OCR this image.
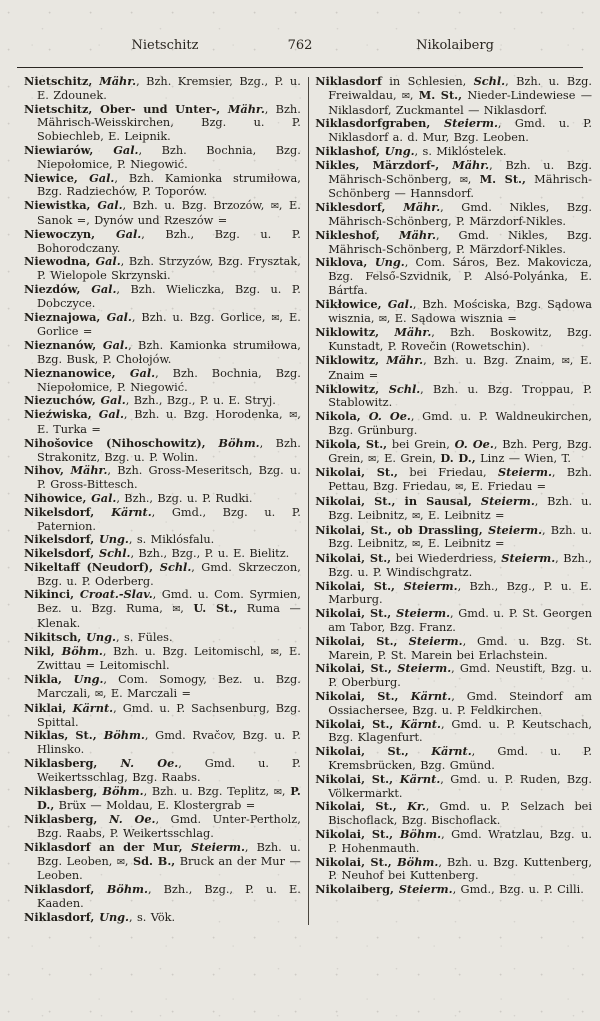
Nietschitz	762	Nikolaiberg

Nietschitz, Mähr., Bzh. Kremsier, Bzg., P. u. E. Zdounek.

Nietschitz, Ober- und Unter-, Mähr., Bzh. Mährisch-Weisskirchen, Bzg. u. P. Sobiechleb, E. Leipnik.

Niewiarów, Gal., Bzh. Bochnia, Bzg. Niepołomice, P. Niegowić.

Niewice, Gal., Bzh. Kamionka strumiłowa, Bzg. Radziechów, P. Toporów.

Niewistka, Gal., Bzh. u. Bzg. Brzozów, ✉, E. Sanok =, Dynów und Rzeszów =

Niewoczyn, Gal., Bzh., Bzg. u. P. Bohorodczany.

Niewodna, Gal., Bzh. Strzyzów, Bzg. Frysztak, P. Wielopole Skrzynski.

Niezdów, Gal., Bzh. Wieliczka, Bzg. u. P. Dobczyce.

Nieznajowa, Gal., Bzh. u. Bzg. Gorlice, ✉, E. Gorlice =

Nieznanów, Gal., Bzh. Kamionka strumiłowa, Bzg. Busk, P. Chołojów.

Nieznanowice, Gal., Bzh. Bochnia, Bzg. Niepołomice, P. Niegowić.

Niezuchów, Gal., Bzh., Bzg., P. u. E. Stryj.

Nieźwiska, Gal., Bzh. u. Bzg. Horodenka, ✉, E. Turka =

Nihošovice (Nihoschowitz), Böhm., Bzh. Strakonitz, Bzg. u. P. Wolin.

Nihov, Mähr., Bzh. Gross-Meseritsch, Bzg. u. P. Gross-Bittesch.

Nihowice, Gal., Bzh., Bzg. u. P. Rudki.

Nikelsdorf, Kärnt., Gmd., Bzg. u. P. Paternion.

Nikelsdorf, Ung., s. Miklósfalu.

Nikelsdorf, Schl., Bzh., Bzg., P. u. E. Bielitz.

Nikeltaff (Neudorf), Schl., Gmd. Skrzeczon, Bzg. u. P. Oderberg.

Nikinci, Croat.-Slav., Gmd. u. Com. Syrmien, Bez. u. Bzg. Ruma, ✉, U. St., Ruma — Klenak.

Nikitsch, Ung., s. Füles.

Nikl, Böhm., Bzh. u. Bzg. Leitomischl, ✉, E. Zwittau = Leitomischl.

Nikla, Ung., Com. Somogy, Bez. u. Bzg. Marczali, ✉, E. Marczali =

Niklai, Kärnt., Gmd. u. P. Sachsenburg, Bzg. Spittal.

Niklas, St., Böhm., Gmd. Rvačov, Bzg. u. P. Hlinsko.

Niklasberg, N. Oe., Gmd. u. P. Weikertsschlag, Bzg. Raabs.

Niklasberg, Böhm., Bzh. u. Bzg. Teplitz, ✉, P. D., Brüx — Moldau, E. Klostergrab =

Niklasberg, N. Oe., Gmd. Unter-Pertholz, Bzg. Raabs, P. Weikertsschlag.

Niklasdorf an der Mur, Steierm., Bzh. u. Bzg. Leoben, ✉, Sd. B., Bruck an der Mur — Leoben.

Niklasdorf, Böhm., Bzh., Bzg., P. u. E. Kaaden.

Niklasdorf, Ung., s. Vök.

Niklasdorf in Schlesien, Schl., Bzh. u. Bzg. Freiwaldau, ✉, M. St., Nieder-Lindewiese — Niklasdorf, Zuckmantel — Niklasdorf.

Niklasdorfgraben, Steierm., Gmd. u. P. Niklasdorf a. d. Mur, Bzg. Leoben.

Niklashof, Ung., s. Miklóstelek.

Nikles, Märzdorf-, Mähr., Bzh. u. Bzg. Mährisch-Schönberg, ✉, M. St., Mährisch-Schönberg — Hannsdorf.

Niklesdorf, Mähr., Gmd. Nikles, Bzg. Mährisch-Schönberg, P. Märzdorf-Nikles.

Nikleshof, Mähr., Gmd. Nikles, Bzg. Mährisch-Schönberg, P. Märzdorf-Nikles.

Niklova, Ung., Com. Sáros, Bez. Makovicza, Bzg. Felső-Szvidnik, P. Alsó-Polyánka, E. Bártfa.

Nikłowice, Gal., Bzh. Mościska, Bzg. Sądowa wisznia, ✉, E. Sądowa wisznia =

Niklowitz, Mähr., Bzh. Boskowitz, Bzg. Kunstadt, P. Rovečin (Rowetschin).

Niklowitz, Mähr., Bzh. u. Bzg. Znaim, ✉, E. Znaim =

Niklowitz, Schl., Bzh. u. Bzg. Troppau, P. Stablowitz.

Nikola, O. Oe., Gmd. u. P. Waldneukirchen, Bzg. Grünburg.

Nikola, St., bei Grein, O. Oe., Bzh. Perg, Bzg. Grein, ✉, E. Grein, D. D., Linz — Wien, T.

Nikolai, St., bei Friedau, Steierm., Bzh. Pettau, Bzg. Friedau, ✉, E. Friedau =

Nikolai, St., in Sausal, Steierm., Bzh. u. Bzg. Leibnitz, ✉, E. Leibnitz =

Nikolai, St., ob Drassling, Steierm., Bzh. u. Bzg. Leibnitz, ✉, E. Leibnitz =

Nikolai, St., bei Wiederdriess, Steierm., Bzh., Bzg. u. P. Windischgratz.

Nikolai, St., Steierm., Bzh., Bzg., P. u. E. Marburg.

Nikolai, St., Steierm., Gmd. u. P. St. Georgen am Tabor, Bzg. Franz.

Nikolai, St., Steierm., Gmd. u. Bzg. St. Marein, P. St. Marein bei Erlachstein.

Nikolai, St., Steierm., Gmd. Neustift, Bzg. u. P. Oberburg.

Nikolai, St., Kärnt., Gmd. Steindorf am Ossiachersee, Bzg. u. P. Feldkirchen.

Nikolai, St., Kärnt., Gmd. u. P. Keutschach, Bzg. Klagenfurt.

Nikolai, St., Kärnt., Gmd. u. P. Kremsbrücken, Bzg. Gmünd.

Nikolai, St., Kärnt., Gmd. u. P. Ruden, Bzg. Völkermarkt.

Nikolai, St., Kr., Gmd. u. P. Selzach bei Bischoflack, Bzg. Bischoflack.

Nikolai, St., Böhm., Gmd. Wratzlau, Bzg. u. P. Hohenmauth.

Nikolai, St., Böhm., Bzh. u. Bzg. Kuttenberg, P. Neuhof bei Kuttenberg.

Nikolaiberg, Steierm., Gmd., Bzg. u. P. Cilli.
